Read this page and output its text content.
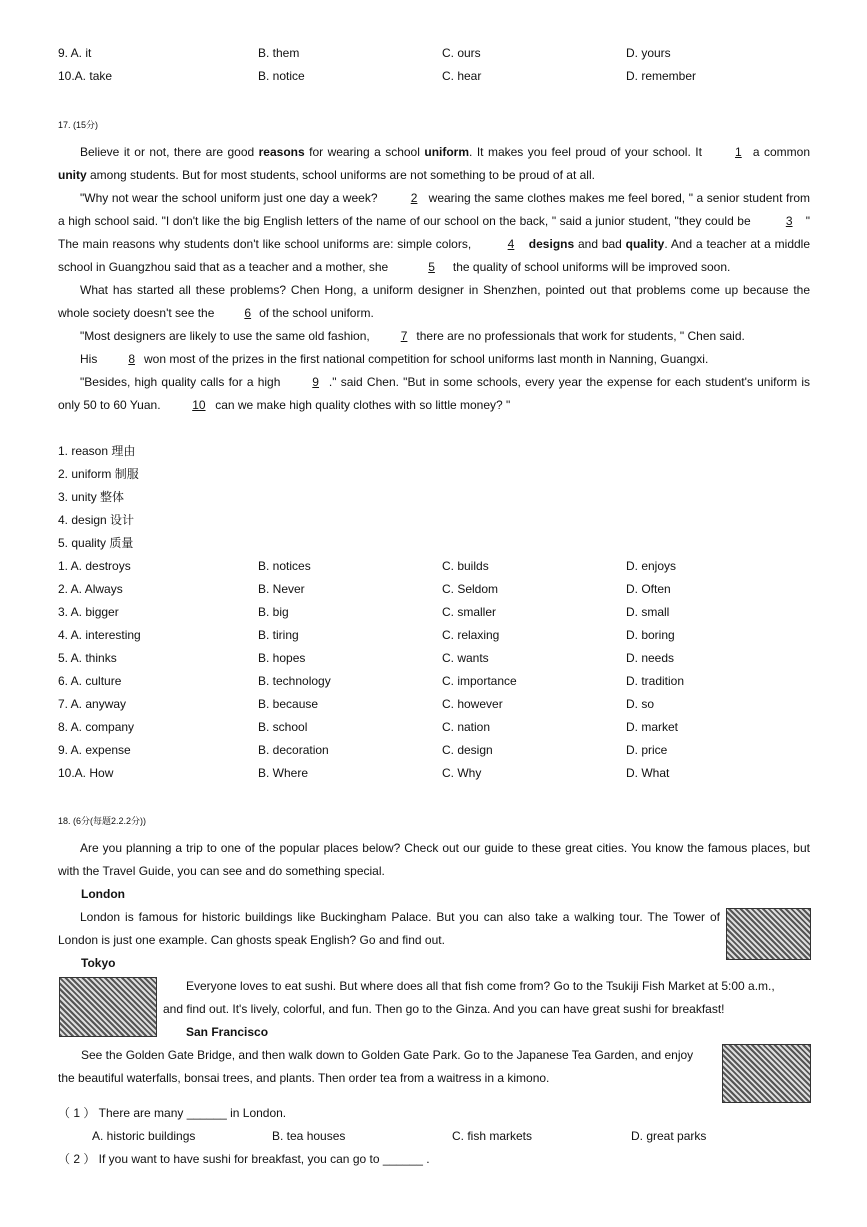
9. A. it	B. them	C. ours	D. yours
10.A. take	B. notice	C. hear	D. remember
17. (15分)

Believe it or not, there are good reasons for wearing a school uniform. It makes you feel proud of your school. It 1 a common unity among students. But for most students, school uniforms are not something to be proud of at all.

"Why not wear the school uniform just one day a week? 2 wearing the same clothes makes me feel bored, " a senior student from a high school said. "I don't like the big English letters of the name of our school on the back, " said a junior student, "they could be	3 " The main reasons why students don't like school uniforms are: simple colors,	4 designs and bad quality. And a teacher at a middle school in Guangzhou said that as a teacher and a mother, she	5 the quality of school uniforms will be improved soon.

What has started all these problems? Chen Hong, a uniform designer in Shenzhen, pointed out that problems come up because the whole society doesn't see the 6 of the school uniform.

"Most designers are likely to use the same old fashion, 7 there are no professionals that work for students, " Chen said.

His 8 won most of the prizes in the first national competition for school uniforms last month in Nanning, Guangxi.

"Besides, high quality calls for a high 9 ." said Chen. "But in some schools, every year the expense for each student's uniform is only 50 to 60 Yuan. 10 can we make high quality clothes with so little money? "

1. reason 理由
2. uniform 制服
3. unity 整体
4. design 设计
5. quality 质量
1. A. destroys	B. notices	C. builds	D. enjoys
2. A. Always	B. Never	C. Seldom	D. Often
3. A. bigger	B. big	C. smaller	D. small
4. A. interesting	B. tiring	C. relaxing	D. boring
5. A. thinks	B. hopes	C. wants	D. needs
6. A. culture	B. technology	C. importance	D. tradition
7. A. anyway	B. because	C. however	D. so
8. A. company	B. school	C. nation	D. market
9. A. expense	B. decoration	C. design	D. price
10.A. How	B. Where	C. Why	D. What
18. (6分(每题2.2.2分))

Are you planning a trip to one of the popular places below? Check out our guide to these great cities. You know the famous places, but with the Travel Guide, you can see and do something special.

London

London is famous for historic buildings like Buckingham Palace. But you can also take a walking tour. The Tower of London is just one example. Can ghosts speak English? Go and find out.

Tokyo
Everyone loves to eat sushi. But where does all that fish come from? Go to the Tsukiji Fish Market at 5:00 a.m.,
and find out. It's lively, colorful, and fun. Then go to the Ginza. And you can have great sushi for breakfast!
San Francisco
See the Golden Gate Bridge, and then walk down to Golden Gate Park. Go to the Japanese Tea Garden, and enjoy
the beautiful waterfalls, bonsai trees, and plants. Then order tea from a waitress in a kimono.
（ 1 ） There are many ______ in London.
A. historic buildings	B. tea houses	C. fish markets	D. great parks
（ 2 ） If you want to have sushi for breakfast, you can go to ______ .
